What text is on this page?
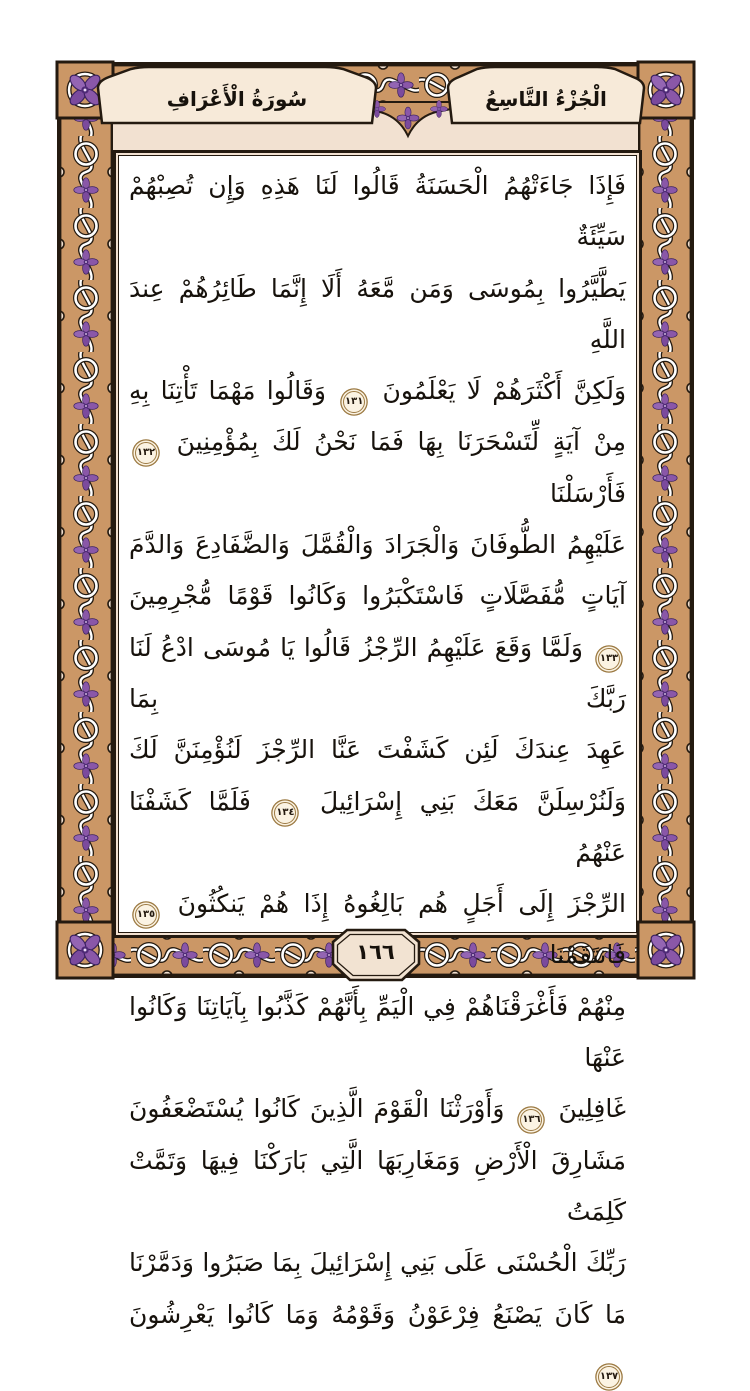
سُورَةُ الْأَعْرَافِ	الْجُزْءُ التَّاسِعُ
فَإِذَا جَاءَتْهُمُ الْحَسَنَةُ قَالُوا لَنَا هَذِهِ وَإِن تُصِبْهُمْ سَيِّئَةٌ
يَطَّيَّرُوا بِمُوسَى وَمَن مَّعَهُ أَلَا إِنَّمَا طَائِرُهُمْ عِندَ اللَّهِ
وَلَكِنَّ أَكْثَرَهُمْ لَا يَعْلَمُونَ ١٣١ وَقَالُوا مَهْمَا تَأْتِنَا بِهِ
مِنْ آيَةٍ لِّتَسْحَرَنَا بِهَا فَمَا نَحْنُ لَكَ بِمُؤْمِنِينَ ١٣٢ فَأَرْسَلْنَا
عَلَيْهِمُ الطُّوفَانَ وَالْجَرَادَ وَالْقُمَّلَ وَالضَّفَادِعَ وَالدَّمَ
آيَاتٍ مُّفَصَّلَاتٍ فَاسْتَكْبَرُوا وَكَانُوا قَوْمًا مُّجْرِمِينَ
١٣٣ وَلَمَّا وَقَعَ عَلَيْهِمُ الرِّجْزُ قَالُوا يَا مُوسَى ادْعُ لَنَا رَبَّكَ بِمَا
عَهِدَ عِندَكَ لَئِن كَشَفْتَ عَنَّا الرِّجْزَ لَنُؤْمِنَنَّ لَكَ
وَلَنُرْسِلَنَّ مَعَكَ بَنِي إِسْرَائِيلَ ١٣٤ فَلَمَّا كَشَفْنَا عَنْهُمُ
الرِّجْزَ إِلَى أَجَلٍ هُم بَالِغُوهُ إِذَا هُمْ يَنكُثُونَ ١٣٥ فَانتَقَمْنَا
مِنْهُمْ فَأَغْرَقْنَاهُمْ فِي الْيَمِّ بِأَنَّهُمْ كَذَّبُوا بِآيَاتِنَا وَكَانُوا عَنْهَا
غَافِلِينَ ١٣٦ وَأَوْرَثْنَا الْقَوْمَ الَّذِينَ كَانُوا يُسْتَضْعَفُونَ
مَشَارِقَ الْأَرْضِ وَمَغَارِبَهَا الَّتِي بَارَكْنَا فِيهَا وَتَمَّتْ كَلِمَتُ
رَبِّكَ الْحُسْنَى عَلَى بَنِي إِسْرَائِيلَ بِمَا صَبَرُوا وَدَمَّرْنَا
مَا كَانَ يَصْنَعُ فِرْعَوْنُ وَقَوْمُهُ وَمَا كَانُوا يَعْرِشُونَ ١٣٧
١٦٦
